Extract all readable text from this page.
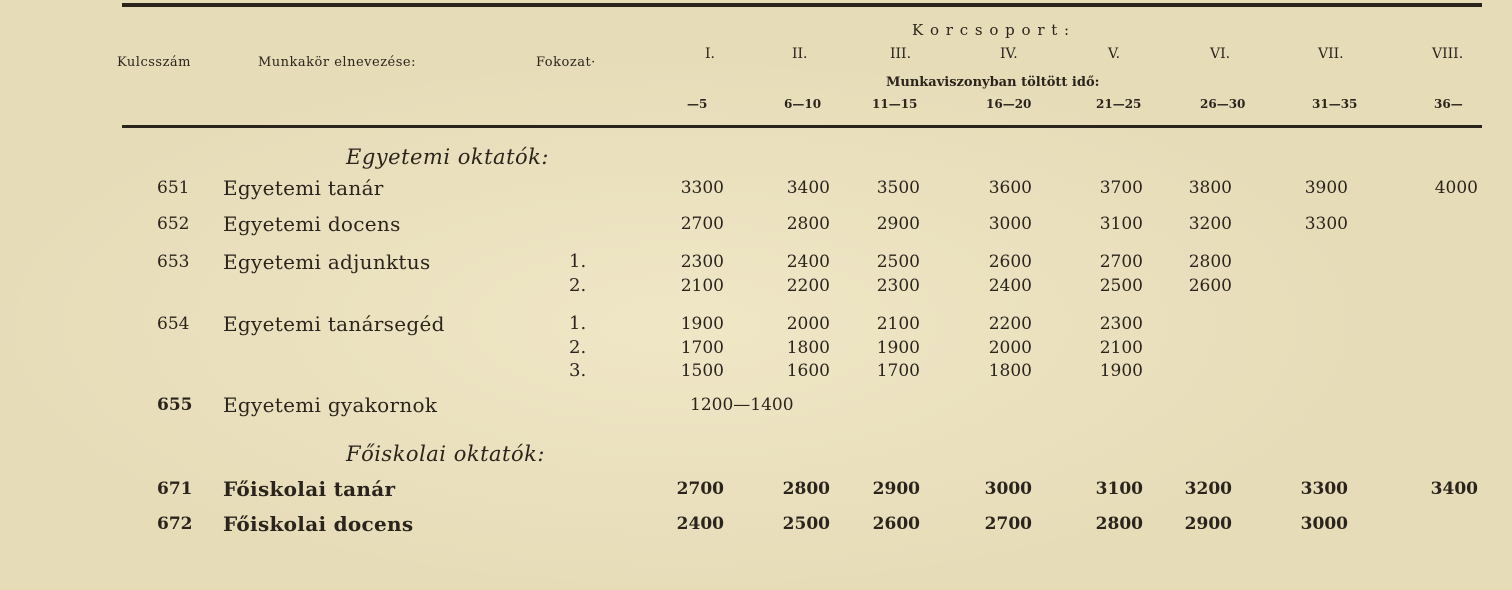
Kulcsszám	Munkakör elnevezése:	Fokozat·
K o r c s o p o r t :
Munkaviszonyban töltött idő:
I.	II.	III.	IV.	V.	VI.	VII.	VIII.
—5	6—10	11—15	16—20	21—25	26—30	31—35	36—
Egyetemi oktatók:
Főiskolai oktatók:
651 Egyetemi tanár	3300	3400	3500	3600	3700	3800	3900	4000
652 Egyetemi docens	2700	2800	2900	3000	3100	3200	3300
653 Egyetemi adjunktus	1.	2300	2400	2500	2600	2700	2800
2.	2100	2200	2300	2400	2500	2600
654 Egyetemi tanársegéd	1.	1900	2000	2100	2200	2300
2.	1700	1800	1900	2000	2100
3.	1500	1600	1700	1800	1900
655 Egyetemi gyakornok	1200—1400
671 Főiskolai tanár	2700	2800	2900	3000	3100	3200	3300	3400
672 Főiskolai docens	2400	2500	2600	2700	2800	2900	3000
